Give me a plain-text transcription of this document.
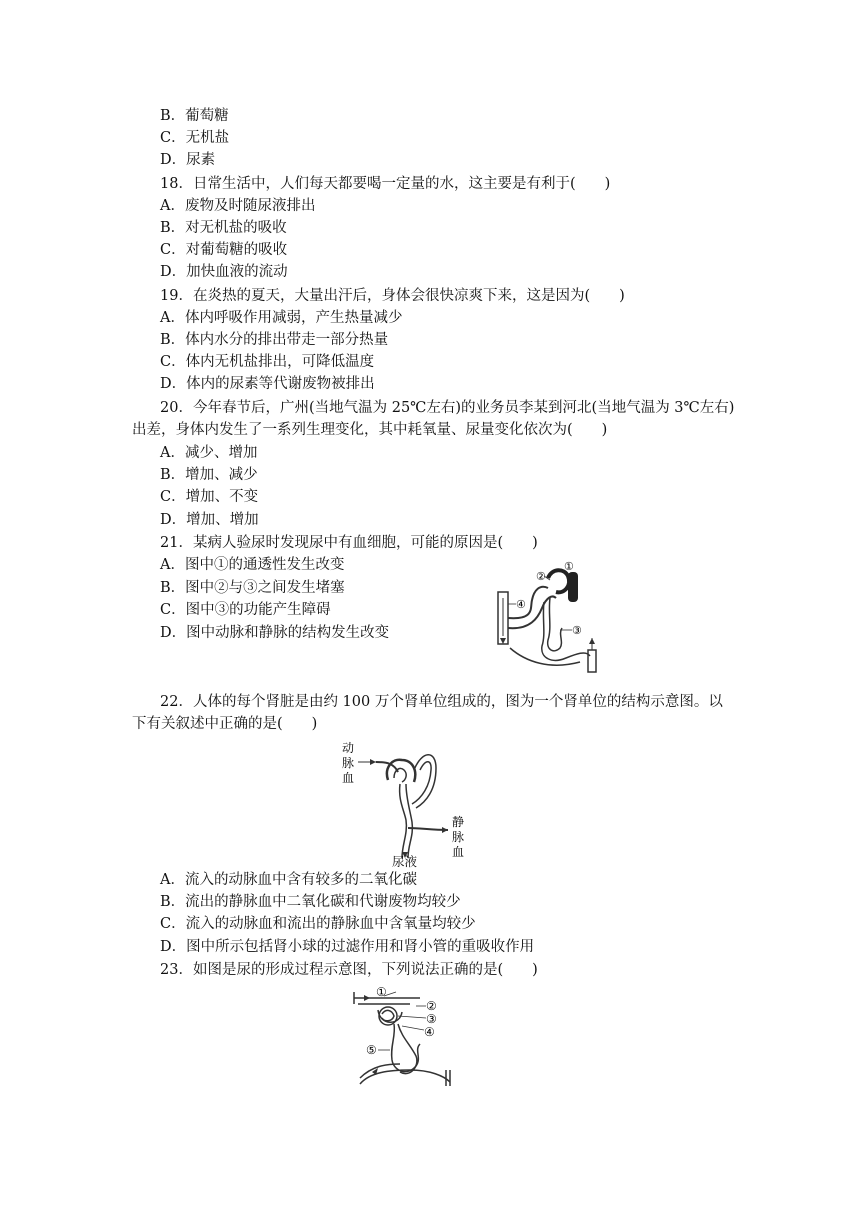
B．葡萄糖
C．无机盐
D．尿素
18．日常生活中，人们每天都要喝一定量的水，这主要是有利于(　　)
A．废物及时随尿液排出
B．对无机盐的吸收
C．对葡萄糖的吸收
D．加快血液的流动
19．在炎热的夏天，大量出汗后，身体会很快凉爽下来，这是因为(　　)
A．体内呼吸作用减弱，产生热量减少
B．体内水分的排出带走一部分热量
C．体内无机盐排出，可降低温度
D．体内的尿素等代谢废物被排出
20．今年春节后，广州(当地气温为 25℃左右)的业务员李某到河北(当地气温为 3℃左右)
出差，身体内发生了一系列生理变化，其中耗氧量、尿量变化依次为(　　)
A．减少、增加
B．增加、减少
C．增加、不变
D．增加、增加
21．某病人验尿时发现尿中有血细胞，可能的原因是(　　)
A．图中①的通透性发生改变
B．图中②与③之间发生堵塞
C．图中③的功能产生障碍
D．图中动脉和静脉的结构发生改变
①
②
③
④
22．人体的每个肾脏是由约 100 万个肾单位组成的，图为一个肾单位的结构示意图。以
下有关叙述中正确的是(　　)
动
脉
血
静
脉
血
尿液
A．流入的动脉血中含有较多的二氧化碳
B．流出的静脉血中二氧化碳和代谢废物均较少
C．流入的动脉血和流出的静脉血中含氧量均较少
D．图中所示包括肾小球的过滤作用和肾小管的重吸收作用
23．如图是尿的形成过程示意图，下列说法正确的是(　　)
①
②
③
④
⑤
